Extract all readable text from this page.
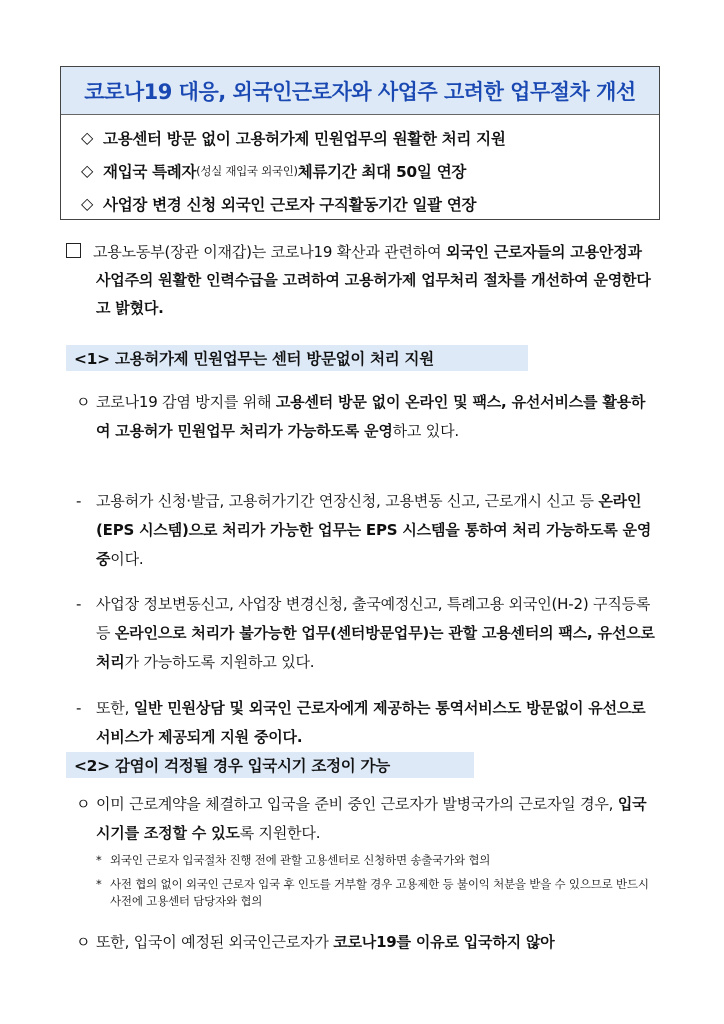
코로나19 대응, 외국인근로자와 사업주 고려한 업무절차 개선
◇ 고용센터 방문 없이 고용허가제 민원업무의 원활한 처리 지원
◇ 재입국 특례자 (성실 재입국 외국인) 체류기간 최대 50일 연장
◇ 사업장 변경 신청 외국인 근로자 구직활동기간 일괄 연장
고용노동부(장관 이재갑)는 코로나19 확산과 관련하여 외국인 근로자들의 고용안정과 사업주의 원활한 인력수급을 고려하여 고용허가제 업무처리 절차를 개선하여 운영한다고 밝혔다.
<1> 고용허가제 민원업무는 센터 방문없이 처리 지원
ㅇ 코로나19 감염 방지를 위해 고용센터 방문 없이 온라인 및 팩스, 유선서비스를 활용하여 고용허가 민원업무 처리가 가능하도록 운영하고 있다.
- 고용허가 신청·발급, 고용허가기간 연장신청, 고용변동 신고, 근로개시 신고 등 온라인(EPS 시스템)으로 처리가 가능한 업무는 EPS 시스템을 통하여 처리 가능하도록 운영 중이다.
- 사업장 정보변동신고, 사업장 변경신청, 출국예정신고, 특례고용 외국인(H-2) 구직등록 등 온라인으로 처리가 불가능한 업무(센터방문업무)는 관할 고용센터의 팩스, 유선으로 처리가 가능하도록 지원하고 있다.
- 또한, 일반 민원상담 및 외국인 근로자에게 제공하는 통역서비스도 방문없이 유선으로 서비스가 제공되게 지원 중이다.
<2> 감염이 걱정될 경우 입국시기 조정이 가능
ㅇ 이미 근로계약을 체결하고 입국을 준비 중인 근로자가 발병국가의 근로자일 경우, 입국시기를 조정할 수 있도록 지원한다.
* 외국인 근로자 입국절차 진행 전에 관할 고용센터로 신청하면 송출국가와 협의
* 사전 협의 없이 외국인 근로자 입국 후 인도를 거부할 경우 고용제한 등 불이익 처분을 받을 수 있으므로 반드시 사전에 고용센터 담당자와 협의
ㅇ 또한, 입국이 예정된 외국인근로자가 코로나19를 이유로 입국하지 않아
